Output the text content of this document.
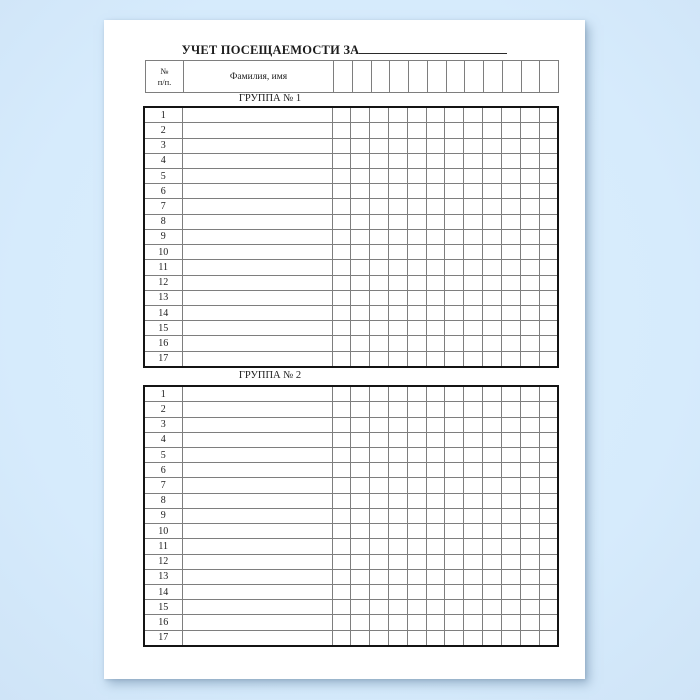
УЧЕТ ПОСЕЩАЕМОСТИ ЗА
№
п/п.	Фамилия, имя												
ГРУППА № 1
1													
2													
3													
4													
5													
6													
7													
8													
9													
10													
11													
12													
13													
14													
15													
16													
17													
ГРУППА № 2
1													
2													
3													
4													
5													
6													
7													
8													
9													
10													
11													
12													
13													
14													
15													
16													
17													
